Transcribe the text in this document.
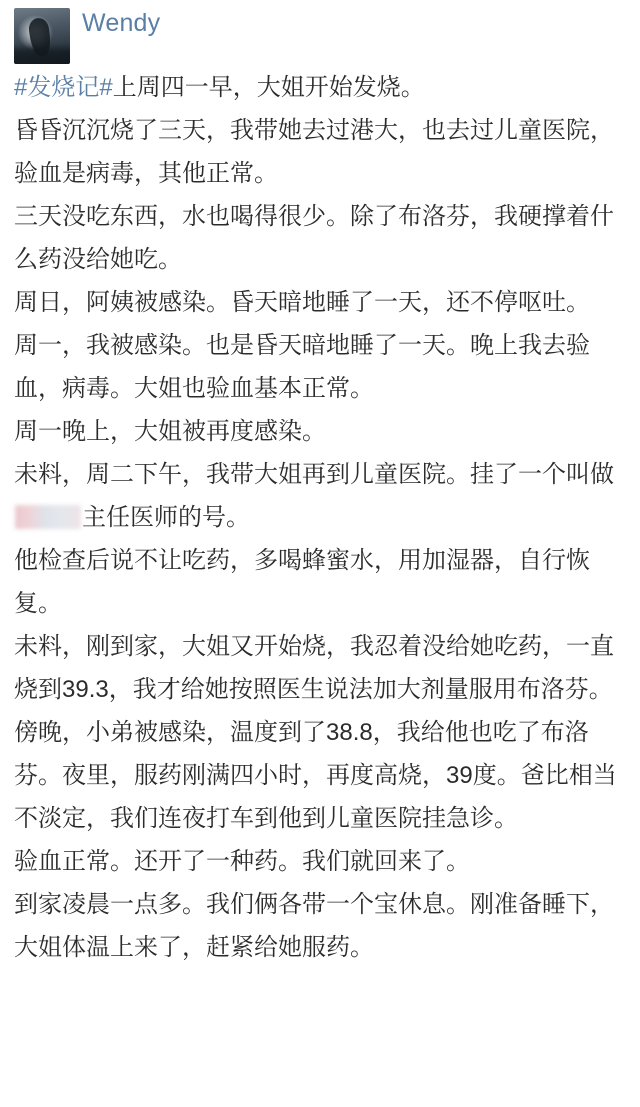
Wendy
#发烧记#上周四一早，大姐开始发烧。
昏昏沉沉烧了三天，我带她去过港大，也去过儿童医院，验血是病毒，其他正常。
三天没吃东西，水也喝得很少。除了布洛芬，我硬撑着什么药没给她吃。
周日，阿姨被感染。昏天暗地睡了一天，还不停呕吐。
周一，我被感染。也是昏天暗地睡了一天。晚上我去验血，病毒。大姐也验血基本正常。
周一晚上，大姐被再度感染。
未料，周二下午，我带大姐再到儿童医院。挂了一个叫做主任医师的号。
他检查后说不让吃药，多喝蜂蜜水，用加湿器，自行恢复。
未料，刚到家，大姐又开始烧，我忍着没给她吃药，一直烧到39.3，我才给她按照医生说法加大剂量服用布洛芬。
傍晚，小弟被感染，温度到了38.8，我给他也吃了布洛芬。夜里，服药刚满四小时，再度高烧，39度。爸比相当不淡定，我们连夜打车到他到儿童医院挂急诊。
验血正常。还开了一种药。我们就回来了。
到家凌晨一点多。我们俩各带一个宝休息。刚准备睡下，大姐体温上来了，赶紧给她服药。
